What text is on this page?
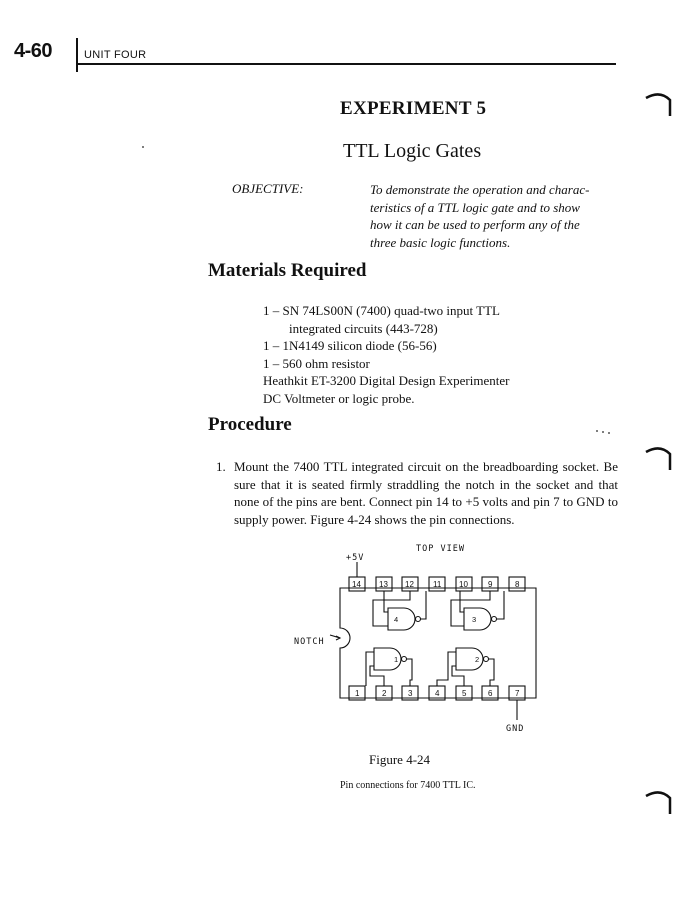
4-60	UNIT FOUR
EXPERIMENT 5
TTL Logic Gates
OBJECTIVE:	To demonstrate the operation and charac-
teristics of a TTL logic gate and to show
how it can be used to perform any of the
three basic logic functions.
Materials Required
1 – SN 74LS00N (7400) quad-two input TTL
integrated circuits (443-728)
1 – 1N4149 silicon diode (56-56)
1 – 560 ohm resistor
Heathkit ET-3200 Digital Design Experimenter
DC Voltmeter or logic probe.
Procedure
1. Mount the 7400 TTL integrated circuit on the breadboarding socket. Be sure that it is seated firmly straddling the notch in the socket and that none of the pins are bent. Connect pin 14 to +5 volts and pin 7 to GND to supply power. Figure 4-24 shows the pin connections.
TOP VIEW
+5V
NOTCH
GND
14 13 12 11 10	9	8
1	2	3	4	5	6	7
4	3
1	2
Figure 4-24
Pin connections for 7400 TTL IC.
